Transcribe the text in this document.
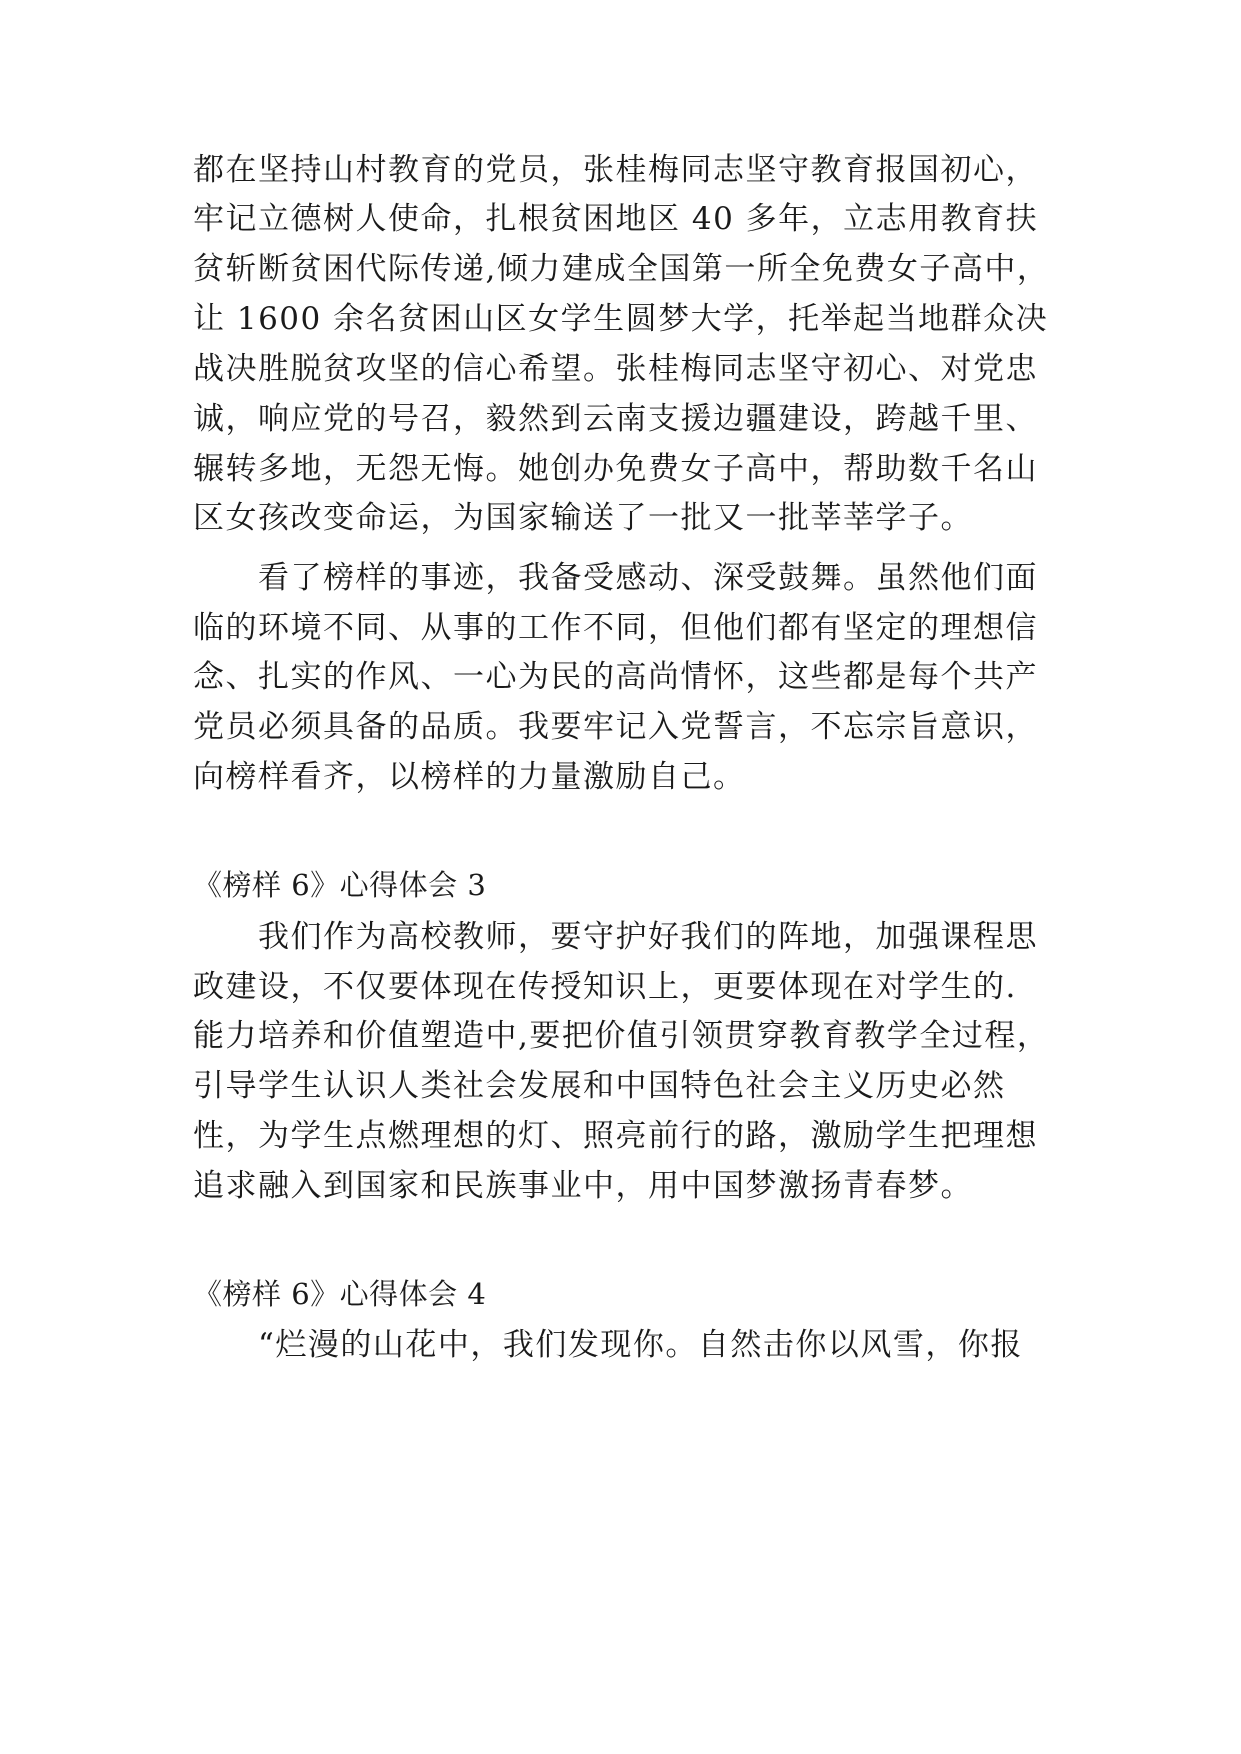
都在坚持山村教育的党员，张桂梅同志坚守教育报国初心，
牢记立德树人使命，扎根贫困地区 40 多年，立志用教育扶
贫斩断贫困代际传递,倾力建成全国第一所全免费女子高中，
让 1600 余名贫困山区女学生圆梦大学，托举起当地群众决
战决胜脱贫攻坚的信心希望。张桂梅同志坚守初心、对党忠
诚，响应党的号召，毅然到云南支援边疆建设，跨越千里、
辗转多地，无怨无悔。她创办免费女子高中，帮助数千名山
区女孩改变命运，为国家输送了一批又一批莘莘学子。
　　看了榜样的事迹，我备受感动、深受鼓舞。虽然他们面
临的环境不同、从事的工作不同，但他们都有坚定的理想信
念、扎实的作风、一心为民的高尚情怀，这些都是每个共产
党员必须具备的品质。我要牢记入党誓言，不忘宗旨意识，
向榜样看齐，以榜样的力量激励自己。
《榜样 6》心得体会 3
　　我们作为高校教师，要守护好我们的阵地，加强课程思
政建设，不仅要体现在传授知识上，更要体现在对学生的.
能力培养和价值塑造中,要把价值引领贯穿教育教学全过程，
引导学生认识人类社会发展和中国特色社会主义历史必然
性，为学生点燃理想的灯、照亮前行的路，激励学生把理想
追求融入到国家和民族事业中，用中国梦激扬青春梦。
《榜样 6》心得体会 4
　　“烂漫的山花中，我们发现你。自然击你以风雪，你报
